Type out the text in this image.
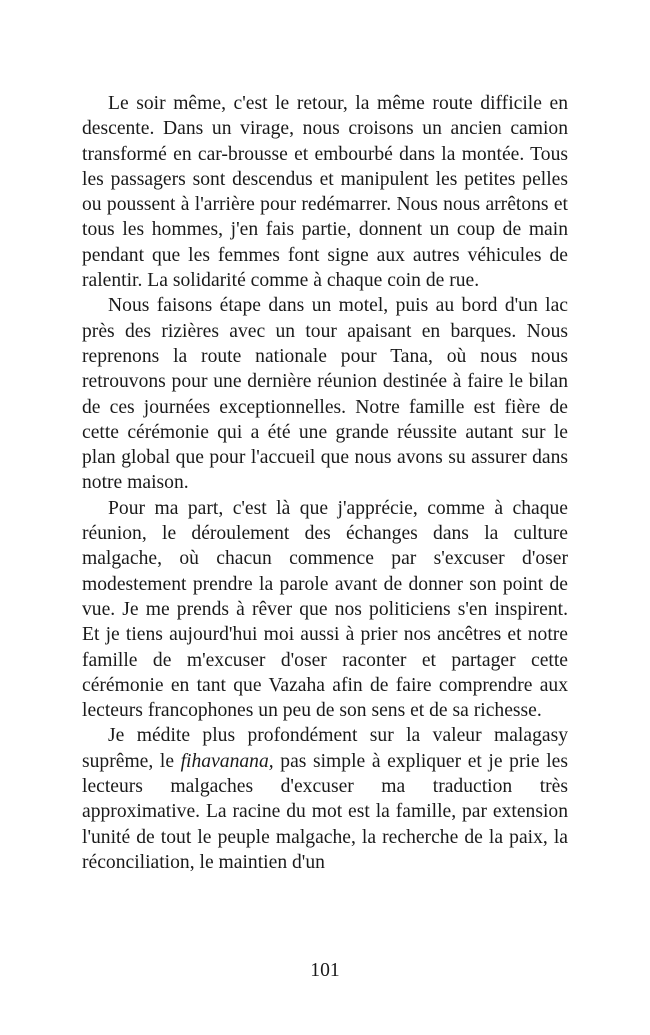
Le soir même, c'est le retour, la même route difficile en descente. Dans un virage, nous croisons un ancien camion transformé en car-brousse et embourbé dans la montée. Tous les passagers sont descendus et manipulent les petites pelles ou poussent à l'arrière pour redémarrer. Nous nous arrêtons et tous les hommes, j'en fais partie, donnent un coup de main pendant que les femmes font signe aux autres véhicules de ralentir. La solidarité comme à chaque coin de rue.

Nous faisons étape dans un motel, puis au bord d'un lac près des rizières avec un tour apaisant en barques. Nous reprenons la route nationale pour Tana, où nous nous retrouvons pour une dernière réunion destinée à faire le bilan de ces journées exceptionnelles. Notre famille est fière de cette cérémonie qui a été une grande réussite autant sur le plan global que pour l'accueil que nous avons su assurer dans notre maison.

Pour ma part, c'est là que j'apprécie, comme à chaque réunion, le déroulement des échanges dans la culture malgache, où chacun commence par s'excuser d'oser modestement prendre la parole avant de donner son point de vue. Je me prends à rêver que nos politiciens s'en inspirent. Et je tiens aujourd'hui moi aussi à prier nos ancêtres et notre famille de m'excuser d'oser raconter et partager cette cérémonie en tant que Vazaha afin de faire comprendre aux lecteurs francophones un peu de son sens et de sa richesse.

Je médite plus profondément sur la valeur malagasy suprême, le fihavanana, pas simple à expliquer et je prie les lecteurs malgaches d'excuser ma traduction très approximative. La racine du mot est la famille, par extension l'unité de tout le peuple malgache, la recherche de la paix, la réconciliation, le maintien d'un

101
